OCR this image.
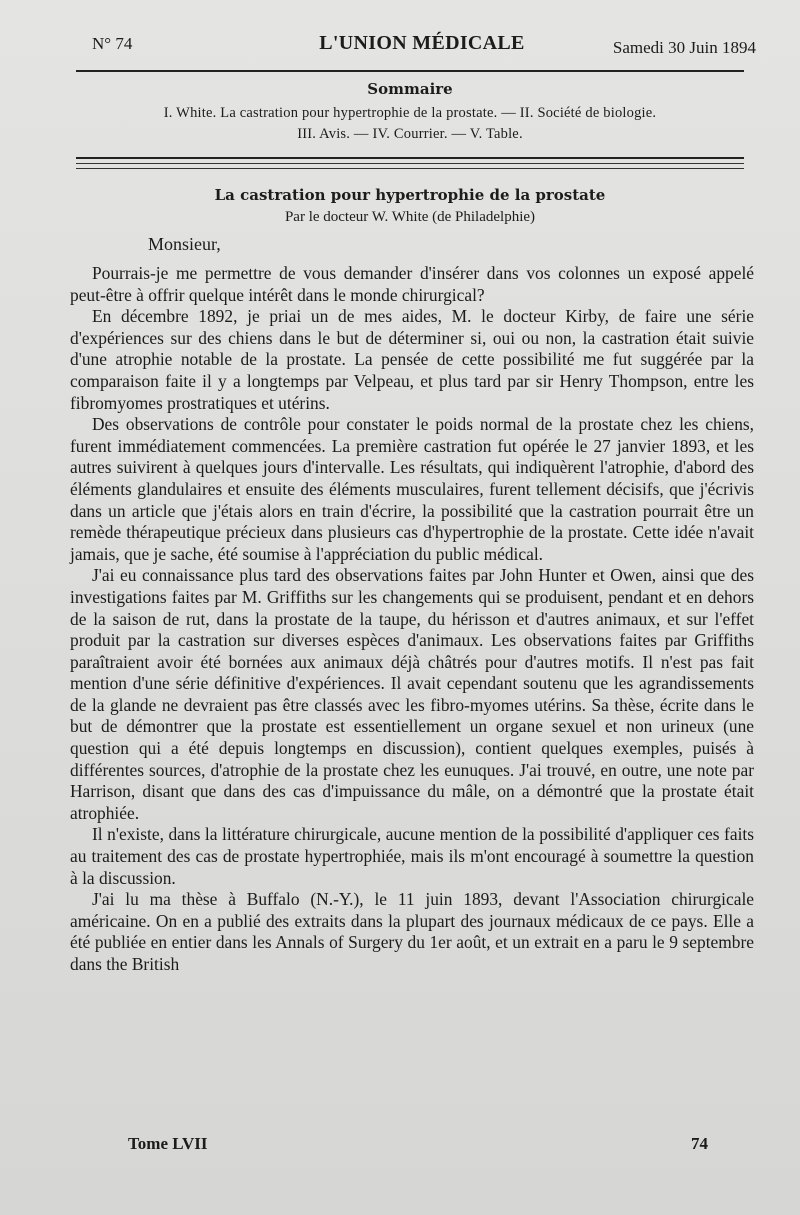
N° 74	L'UNION MÉDICALE	Samedi 30 Juin 1894
Sommaire
I. White. La castration pour hypertrophie de la prostate. — II. Société de biologie.
III. Avis. — IV. Courrier. — V. Table.
La castration pour hypertrophie de la prostate
Par le docteur W. White (de Philadelphie)
Monsieur,

Pourrais-je me permettre de vous demander d'insérer dans vos colonnes un exposé appelé peut-être à offrir quelque intérêt dans le monde chirurgical?

En décembre 1892, je priai un de mes aides, M. le docteur Kirby, de faire une série d'expériences sur des chiens dans le but de déterminer si, oui ou non, la castration était suivie d'une atrophie notable de la prostate. La pensée de cette possibilité me fut suggérée par la comparaison faite il y a longtemps par Velpeau, et plus tard par sir Henry Thompson, entre les fibromyomes prostratiques et utérins.

Des observations de contrôle pour constater le poids normal de la prostate chez les chiens, furent immédiatement commencées. La première castration fut opérée le 27 janvier 1893, et les autres suivirent à quelques jours d'intervalle. Les résultats, qui indiquèrent l'atrophie, d'abord des éléments glandulaires et ensuite des éléments musculaires, furent tellement décisifs, que j'écrivis dans un article que j'étais alors en train d'écrire, la possibilité que la castration pourrait être un remède thérapeutique précieux dans plusieurs cas d'hypertrophie de la prostate. Cette idée n'avait jamais, que je sache, été soumise à l'appréciation du public médical.

J'ai eu connaissance plus tard des observations faites par John Hunter et Owen, ainsi que des investigations faites par M. Griffiths sur les changements qui se produisent, pendant et en dehors de la saison de rut, dans la prostate de la taupe, du hérisson et d'autres animaux, et sur l'effet produit par la castration sur diverses espèces d'animaux. Les observations faites par Griffiths paraîtraient avoir été bornées aux animaux déjà châtrés pour d'autres motifs. Il n'est pas fait mention d'une série définitive d'expériences. Il avait cependant soutenu que les agrandissements de la glande ne devraient pas être classés avec les fibro-myomes utérins. Sa thèse, écrite dans le but de démontrer que la prostate est essentiellement un organe sexuel et non urineux (une question qui a été depuis longtemps en discussion), contient quelques exemples, puisés à différentes sources, d'atrophie de la prostate chez les eunuques. J'ai trouvé, en outre, une note par Harrison, disant que dans des cas d'impuissance du mâle, on a démontré que la prostate était atrophiée.

Il n'existe, dans la littérature chirurgicale, aucune mention de la possibilité d'appliquer ces faits au traitement des cas de prostate hypertrophiée, mais ils m'ont encouragé à soumettre la question à la discussion.

J'ai lu ma thèse à Buffalo (N.-Y.), le 11 juin 1893, devant l'Association chirurgicale américaine. On en a publié des extraits dans la plupart des journaux médicaux de ce pays. Elle a été publiée en entier dans les Annals of Surgery du 1er août, et un extrait en a paru le 9 septembre dans the British

Tome LVII	74
